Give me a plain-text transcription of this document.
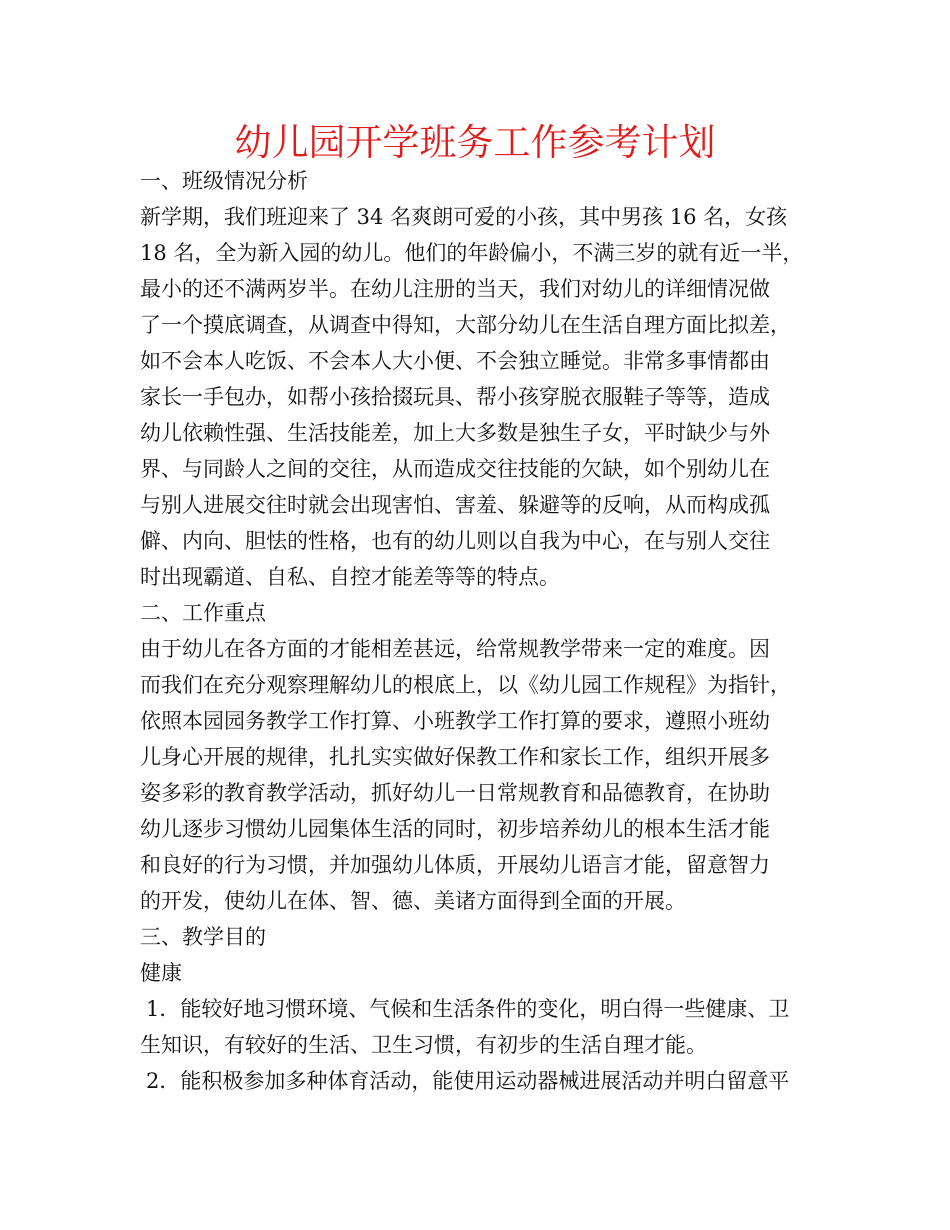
幼儿园开学班务工作参考计划
一、班级情况分析
新学期，我们班迎来了 34 名爽朗可爱的小孩，其中男孩 16 名，女孩
18 名，全为新入园的幼儿。他们的年龄偏小，不满三岁的就有近一半，
最小的还不满两岁半。在幼儿注册的当天，我们对幼儿的详细情况做
了一个摸底调查，从调查中得知，大部分幼儿在生活自理方面比拟差，
如不会本人吃饭、不会本人大小便、不会独立睡觉。非常多事情都由
家长一手包办，如帮小孩拾掇玩具、帮小孩穿脱衣服鞋子等等，造成
幼儿依赖性强、生活技能差，加上大多数是独生子女，平时缺少与外
界、与同龄人之间的交往，从而造成交往技能的欠缺，如个别幼儿在
与别人进展交往时就会出现害怕、害羞、躲避等的反响，从而构成孤
僻、内向、胆怯的性格，也有的幼儿则以自我为中心，在与别人交往
时出现霸道、自私、自控才能差等等的特点。
二、工作重点
由于幼儿在各方面的才能相差甚远，给常规教学带来一定的难度。因
而我们在充分观察理解幼儿的根底上，以《幼儿园工作规程》为指针，
依照本园园务教学工作打算、小班教学工作打算的要求，遵照小班幼
儿身心开展的规律，扎扎实实做好保教工作和家长工作，组织开展多
姿多彩的教育教学活动，抓好幼儿一日常规教育和品德教育，在协助
幼儿逐步习惯幼儿园集体生活的同时，初步培养幼儿的根本生活才能
和良好的行为习惯，并加强幼儿体质，开展幼儿语言才能，留意智力
的开发，使幼儿在体、智、德、美诸方面得到全面的开展。
三、教学目的
健康
1．能较好地习惯环境、气候和生活条件的变化，明白得一些健康、卫
生知识，有较好的生活、卫生习惯，有初步的生活自理才能。
2．能积极参加多种体育活动，能使用运动器械进展活动并明白留意平
